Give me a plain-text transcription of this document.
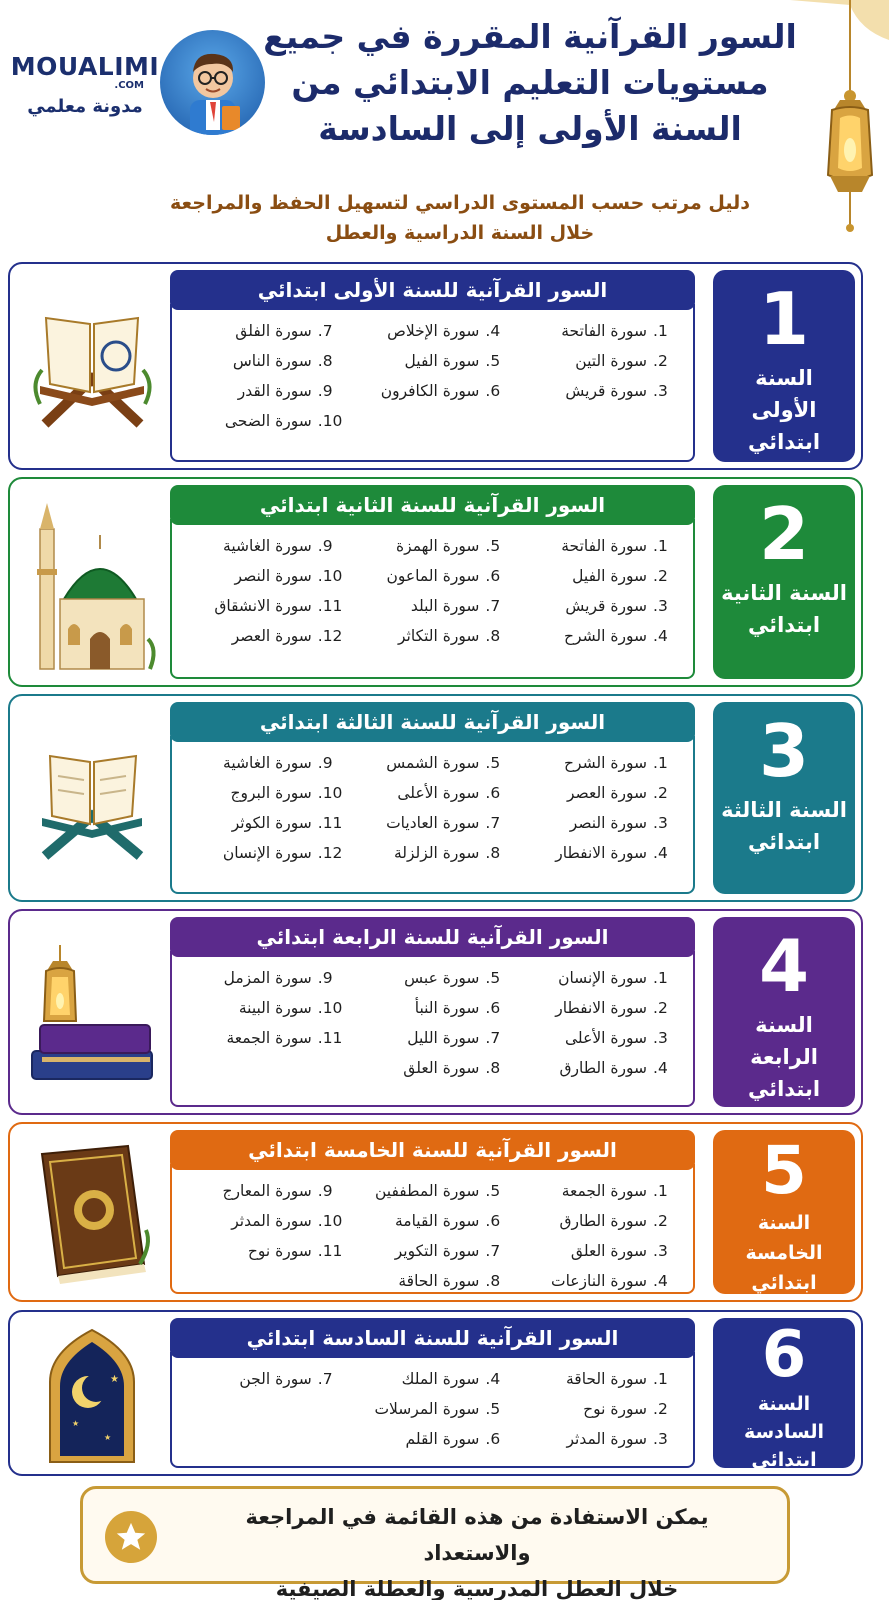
MOUALIMI
.COM
مدونة معلمي
السور القرآنية المقررة في جميع
مستويات التعليم الابتدائي من
السنة الأولى إلى السادسة
دليل مرتب حسب المستوى الدراسي لتسهيل الحفظ والمراجعة
خلال السنة الدراسية والعطل
1
السنة الأولى
ابتدائي
السور القرآنية للسنة الأولى ابتدائي
1.سورة الفاتحة
2.سورة التين
3.سورة قريش
4.سورة الإخلاص
5.سورة الفيل
6.سورة الكافرون
7.سورة الفلق
8.سورة الناس
9.سورة القدر
10.سورة الضحى
2
السنة الثانية
ابتدائي
السور القرآنية للسنة الثانية ابتدائي
1.سورة الفاتحة
2.سورة الفيل
3.سورة قريش
4.سورة الشرح
5.سورة الهمزة
6.سورة الماعون
7.سورة البلد
8.سورة التكاثر
9.سورة الغاشية
10.سورة النصر
11.سورة الانشقاق
12.سورة العصر
3
السنة الثالثة
ابتدائي
السور القرآنية للسنة الثالثة ابتدائي
1.سورة الشرح
2.سورة العصر
3.سورة النصر
4.سورة الانفطار
5.سورة الشمس
6.سورة الأعلى
7.سورة العاديات
8.سورة الزلزلة
9.سورة الغاشية
10.سورة البروج
11.سورة الكوثر
12.سورة الإنسان
4
السنة الرابعة
ابتدائي
السور القرآنية للسنة الرابعة ابتدائي
1.سورة الإنسان
2.سورة الانفطار
3.سورة الأعلى
4.سورة الطارق
5.سورة عبس
6.سورة النبأ
7.سورة الليل
8.سورة العلق
9.سورة المزمل
10.سورة البينة
11.سورة الجمعة
5
السنة الخامسة
ابتدائي
السور القرآنية للسنة الخامسة ابتدائي
1.سورة الجمعة
2.سورة الطارق
3.سورة العلق
4.سورة النازعات
5.سورة المطففين
6.سورة القيامة
7.سورة التكوير
8.سورة الحاقة
9.سورة المعارج
10.سورة المدثر
11.سورة نوح
6
السنة السادسة
ابتدائي
السور القرآنية للسنة السادسة ابتدائي
1.سورة الحاقة
2.سورة نوح
3.سورة المدثر
4.سورة الملك
5.سورة المرسلات
6.سورة القلم
7.سورة الجن
★
★
★
يمكن الاستفادة من هذه القائمة في المراجعة والاستعداد
خلال العطل المدرسية والعطلة الصيفية
